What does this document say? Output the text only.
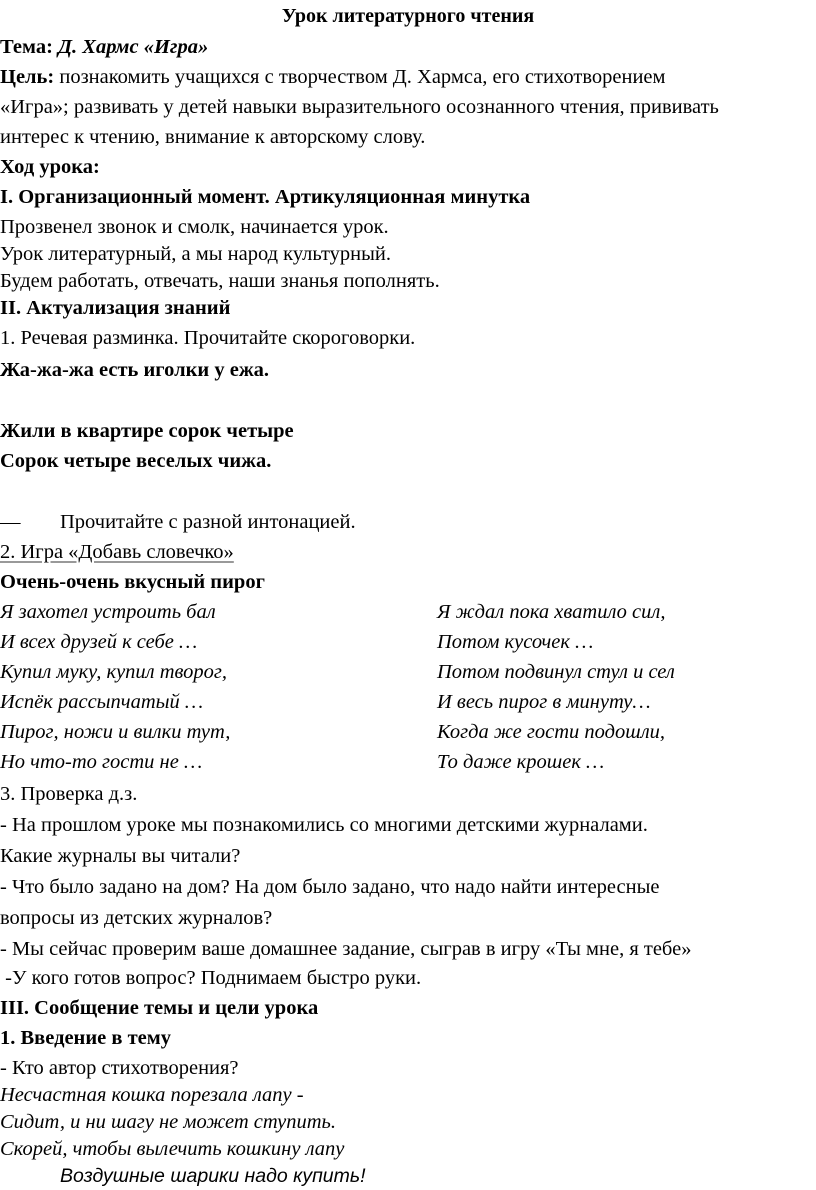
Урок литературного чтения
Тема: Д. Хармс «Игра»
Цель: познакомить учащихся с творчеством Д. Хармса, его стихотворением
«Игра»; развивать у детей навыки выразительного осознанного чтения, прививать
интерес к чтению, внимание к авторскому слову.
Ход урока:
I. Организационный момент. Артикуляционная минутка
Прозвенел звонок и смолк, начинается урок.
Урок литературный, а мы народ культурный.
Будем работать, отвечать, наши знанья пополнять.
II. Актуализация знаний
1. Речевая разминка. Прочитайте скороговорки.
Жа-жа-жа есть иголки у ежа.
Жили в квартире сорок четыре
Сорок четыре веселых чижа.
— Прочитайте с разной интонацией.
2. Игра «Добавь словечко»
Очень-очень вкусный пирог
Я захотел устроить бал
И всех друзей к себе …
Купил муку, купил творог,
Испёк рассыпчатый …
Пирог, ножи и вилки тут,
Но что-то гости не …
Я ждал пока хватило сил,
Потом кусочек …
Потом подвинул стул и сел
И весь пирог в минуту…
Когда же гости подошли,
То даже крошек …
3. Проверка д.з.
- На прошлом уроке мы познакомились со многими детскими журналами.
Какие журналы вы читали?
- Что было задано на дом? На дом было задано, что надо найти интересные
вопросы из детских журналов?
- Мы сейчас проверим ваше домашнее задание, сыграв в игру «Ты мне, я тебе»
-У кого готов вопрос? Поднимаем быстро руки.
III. Сообщение темы и цели урока
1. Введение в тему
- Кто автор стихотворения?
Несчастная кошка порезала лапу -
Сидит, и ни шагу не может ступить.
Скорей, чтобы вылечить кошкину лапу
Воздушные шарики надо купить!
